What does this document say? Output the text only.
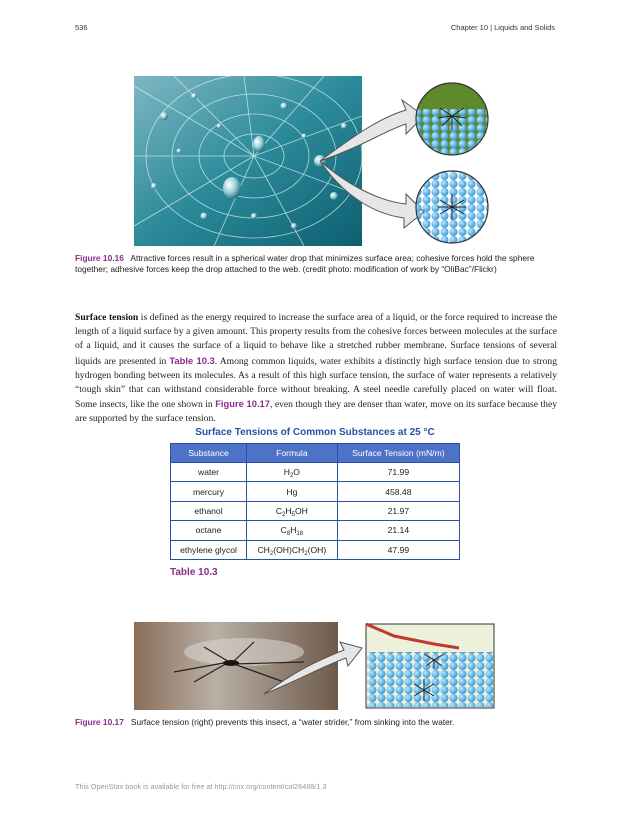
536	Chapter 10 | Liquids and Solids
Figure 10.16 Attractive forces result in a spherical water drop that minimizes surface area; cohesive forces hold the sphere together; adhesive forces keep the drop attached to the web. (credit photo: modification of work by “OliBac”/Flickr)

Surface tension is defined as the energy required to increase the surface area of a liquid, or the force required to increase the length of a liquid surface by a given amount. This property results from the cohesive forces between molecules at the surface of a liquid, and it causes the surface of a liquid to behave like a stretched rubber membrane. Surface tensions of several liquids are presented in Table 10.3. Among common liquids, water exhibits a distinctly high surface tension due to strong hydrogen bonding between its molecules. As a result of this high surface tension, the surface of water represents a relatively “tough skin” that can withstand considerable force without breaking. A steel needle carefully placed on water will float. Some insects, like the one shown in Figure 10.17, even though they are denser than water, move on its surface because they are supported by the surface tension.

Surface Tensions of Common Substances at 25 °C
Substance	Formula	Surface Tension (mN/m)
water	$H_2O$	71.99
mercury	Hg	458.48
ethanol	$C_2H_5OH$	21.97
octane	$C_8H_{18}$	21.14
ethylene glycol	$CH_2(OH)CH_2(OH)$	47.99
Table 10.3
Figure 10.17 Surface tension (right) prevents this insect, a “water strider,” from sinking into the water.
This OpenStax book is available for free at http://cnx.org/content/col26488/1.3
